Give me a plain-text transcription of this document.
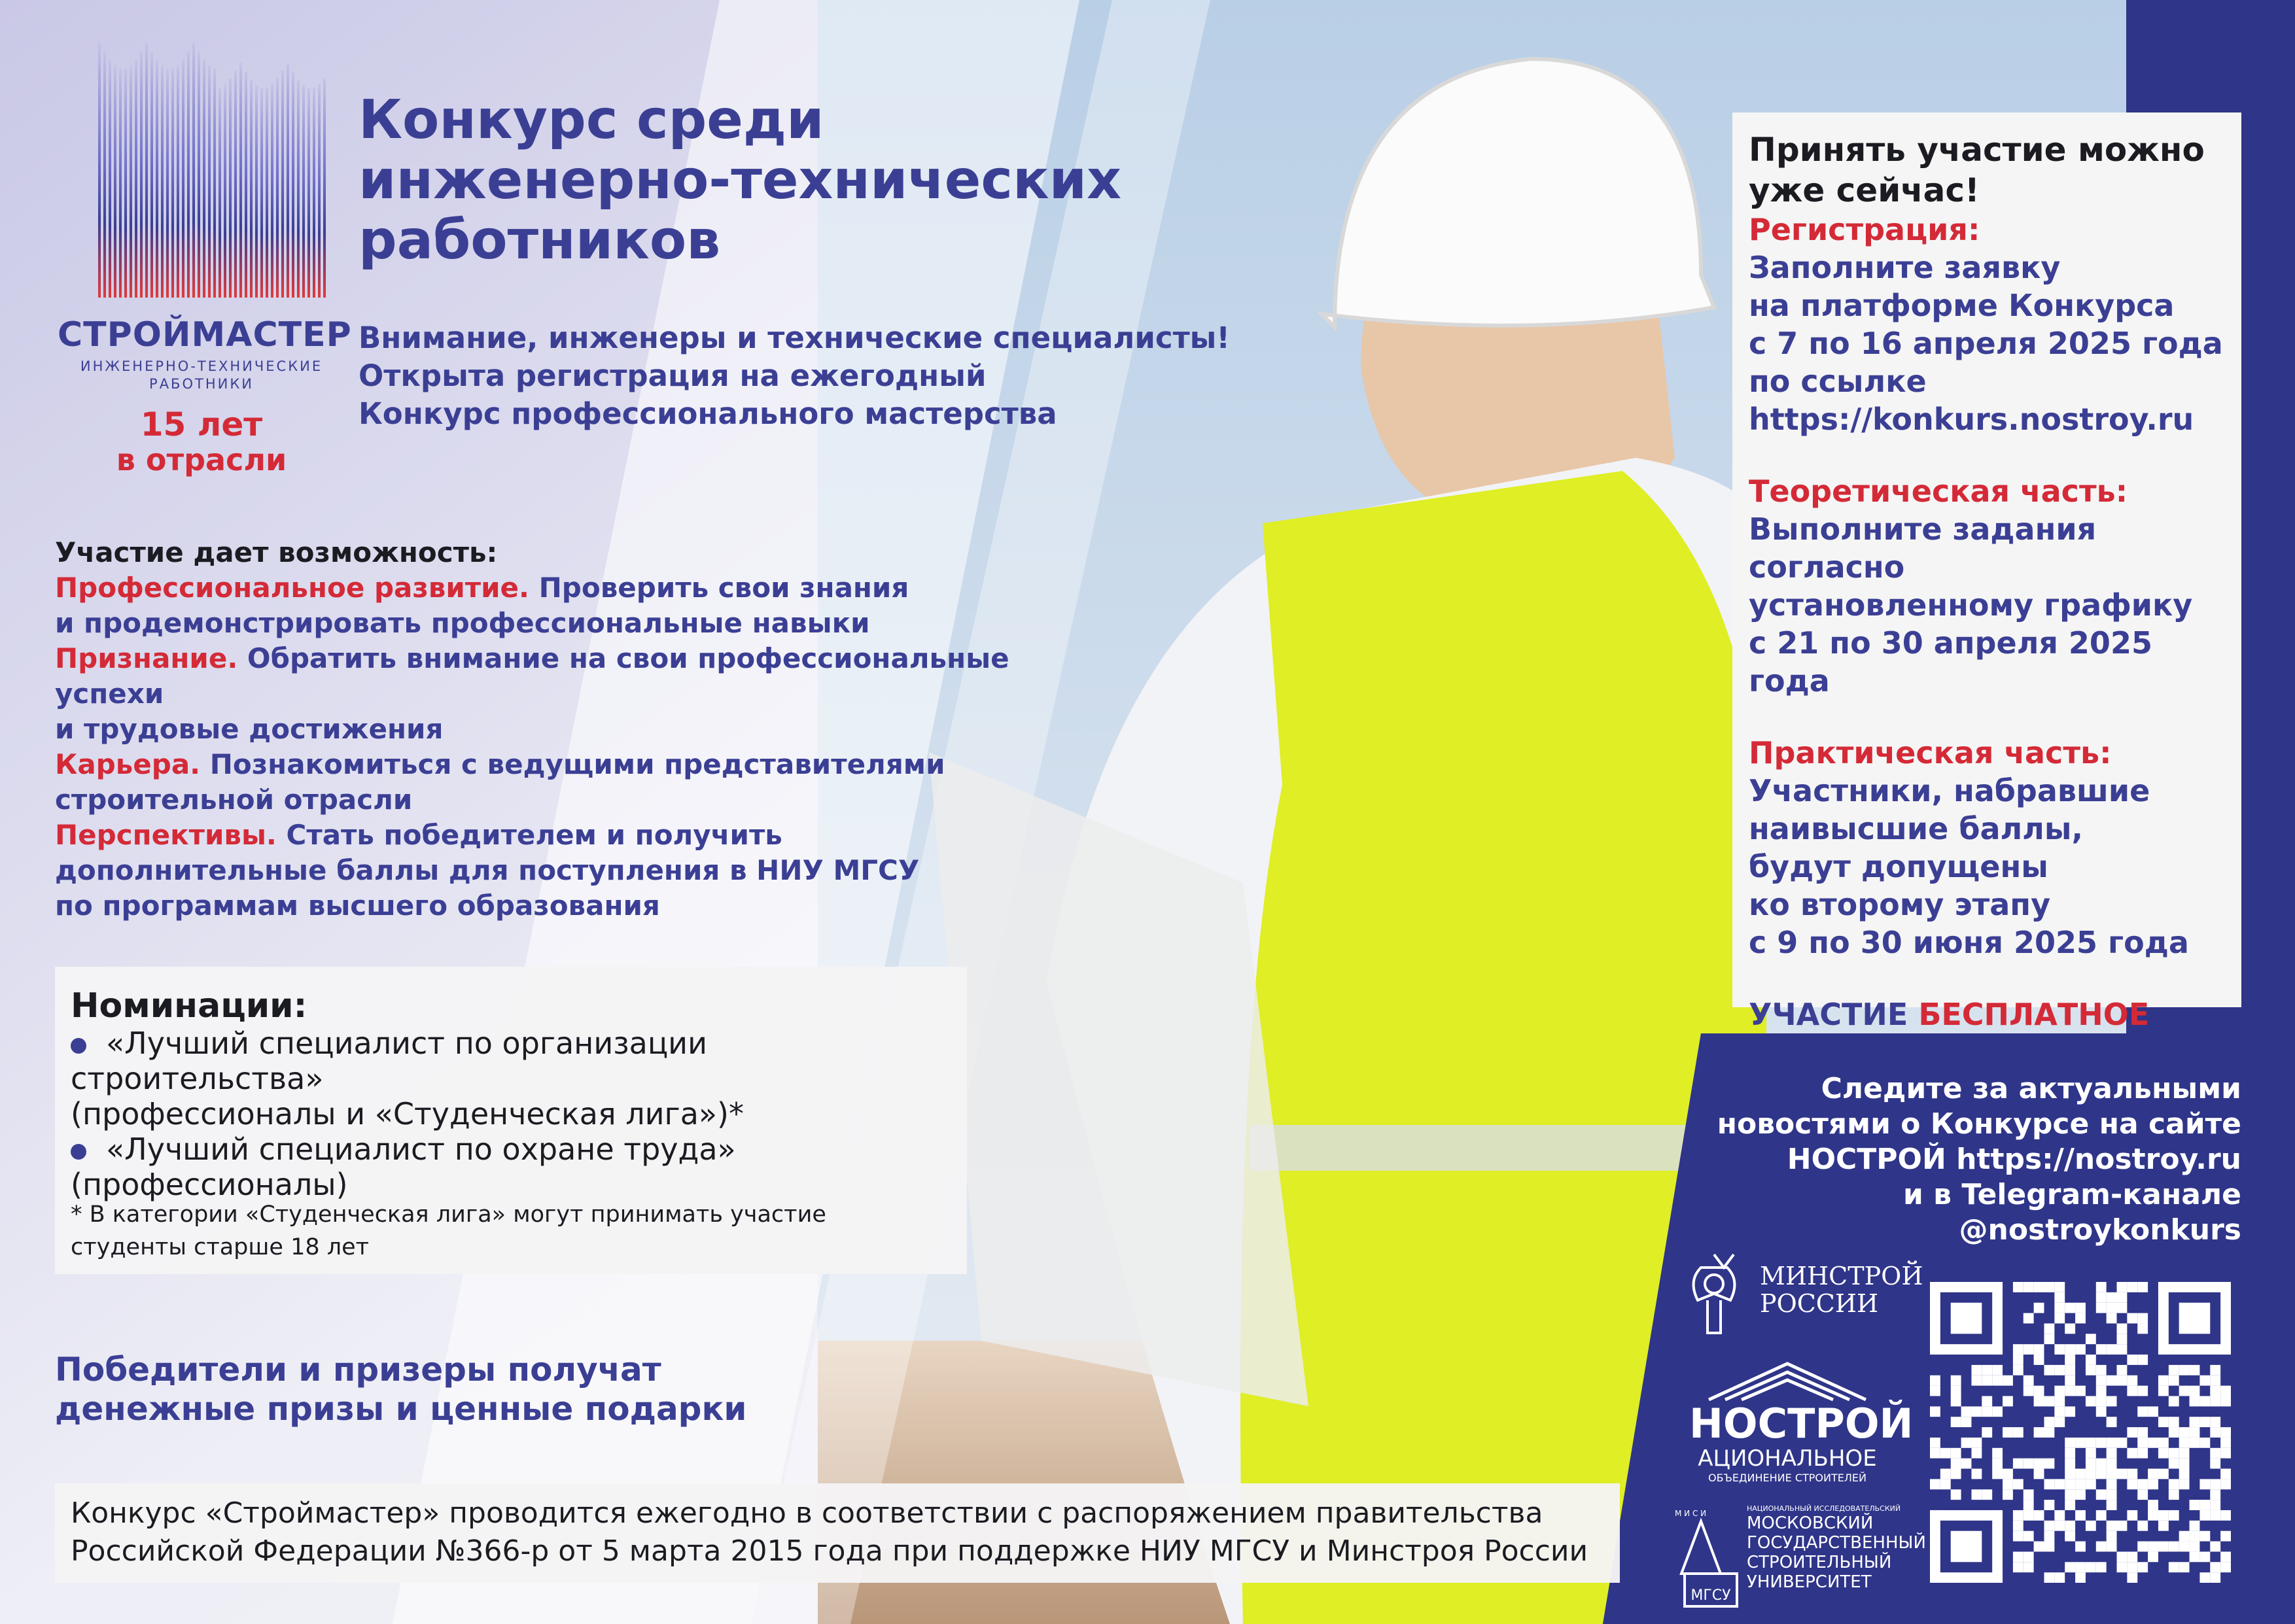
СТРОЙМАСТЕР
ИНЖЕНЕРНО-ТЕХНИЧЕСКИЕ
РАБОТНИКИ
15 лет
в отрасли
Конкурс среди
инженерно-технических
работников
Внимание, инженеры и технические специалисты!
Открыта регистрация на ежегодный
Конкурс профессионального мастерства
Участие дает возможность:
Профессиональное развитие. Проверить свои знания
и продемонстрировать профессиональные навыки
Признание. Обратить внимание на свои профессиональные успехи
и трудовые достижения
Карьера. Познакомиться с ведущими представителями
строительной отрасли
Перспективы. Стать победителем и получить
дополнительные баллы для поступления в НИУ МГСУ
по программам высшего образования
Номинации:
«Лучший специалист по организации строительства»
(профессионалы и «Студенческая лига»)*
«Лучший специалист по охране труда»
(профессионалы)
* В категории «Студенческая лига» могут принимать участие
студенты старше 18 лет
Победители и призеры получат
денежные призы и ценные подарки
Конкурс «Строймастер» проводится ежегодно в соответствии с распоряжением правительства
Российской Федерации №366-р от 5 марта 2015 года при поддержке НИУ МГСУ и Минстроя России
Принять участие можно
уже сейчас!
Регистрация:
Заполните заявку
на платформе Конкурса
с 7 по 16 апреля 2025 года
по ссылке
https://konkurs.nostroy.ru
Теоретическая часть:
Выполните задания согласно
установленному графику
с 21 по 30 апреля 2025 года
Практическая часть:
Участники, набравшие
наивысшие баллы,
будут допущены
ко второму этапу
с 9 по 30 июня 2025 года
УЧАСТИЕ БЕСПЛАТНОЕ
Следите за актуальными
новостями о Конкурсе на сайте
НОСТРОЙ https://nostroy.ru
и в Telegram-канале
@nostroykonkurs
МИНСТРОЙ
РОССИИ
НОСТРОЙ
АЦИОНАЛЬНОЕ
ОБЪЕДИНЕНИЕ СТРОИТЕЛЕЙ
МГСУ
М И С И
НАЦИОНАЛЬНЫЙ ИССЛЕДОВАТЕЛЬСКИЙ
МОСКОВСКИЙ
ГОСУДАРСТВЕННЫЙ
СТРОИТЕЛЬНЫЙ
УНИВЕРСИТЕТ
